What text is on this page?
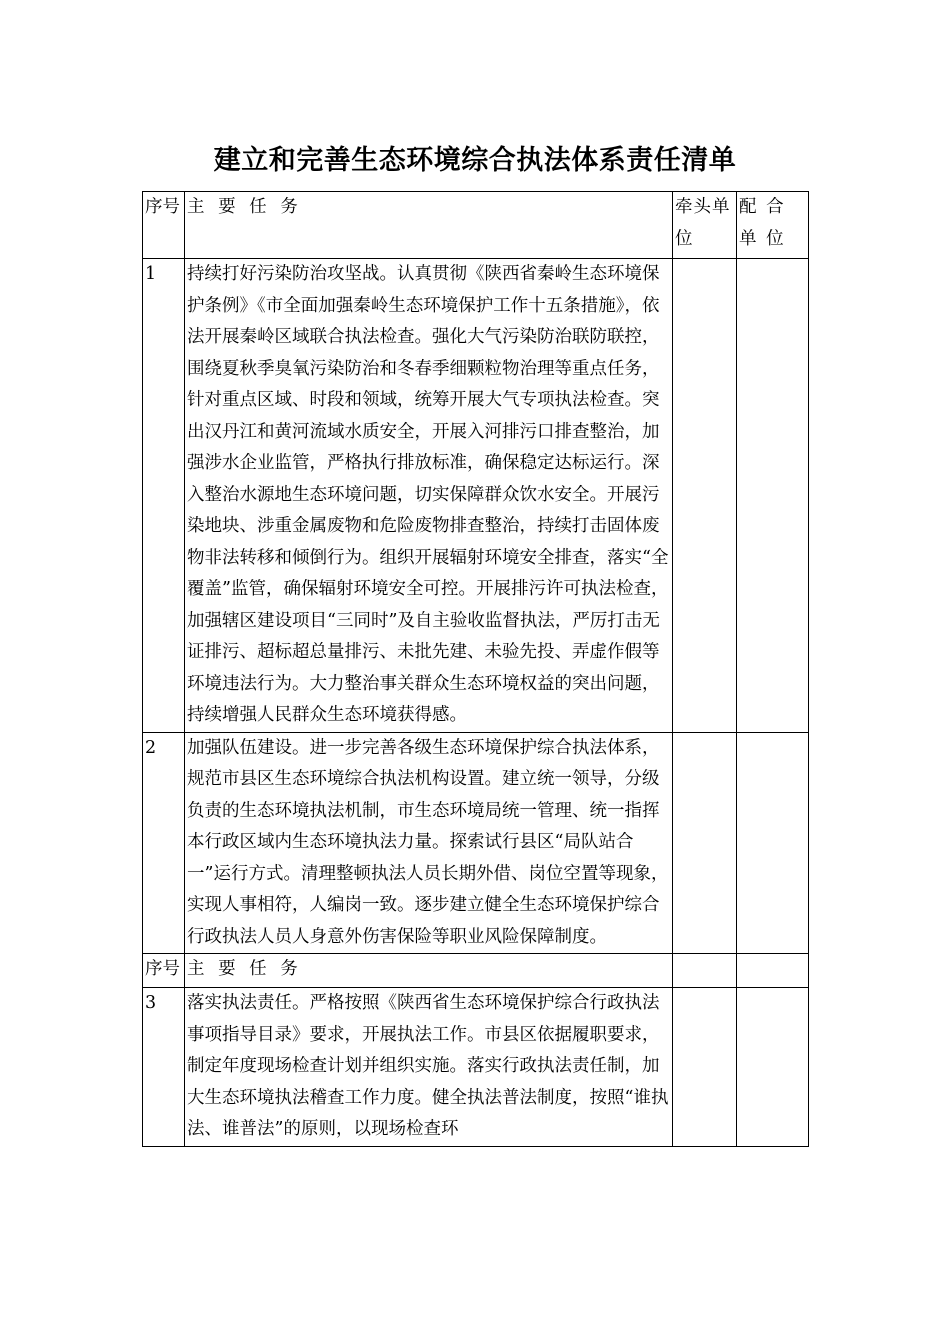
建立和完善生态环境综合执法体系责任清单
序号	主 要 任 务	牵头单位	配 合 单 位
1	持续打好污染防治攻坚战。认真贯彻《陕西省秦岭生态环境保护条例》《市全面加强秦岭生态环境保护工作十五条措施》，依法开展秦岭区域联合执法检查。强化大气污染防治联防联控，围绕夏秋季臭氧污染防治和冬春季细颗粒物治理等重点任务，针对重点区域、时段和领域，统筹开展大气专项执法检查。突出汉丹江和黄河流域水质安全，开展入河排污口排查整治，加强涉水企业监管，严格执行排放标准，确保稳定达标运行。深入整治水源地生态环境问题，切实保障群众饮水安全。开展污染地块、涉重金属废物和危险废物排查整治，持续打击固体废物非法转移和倾倒行为。组织开展辐射环境安全排查，落实“全覆盖”监管，确保辐射环境安全可控。开展排污许可执法检查，加强辖区建设项目“三同时”及自主验收监督执法，严厉打击无证排污、超标超总量排污、未批先建、未验先投、弄虚作假等环境违法行为。大力整治事关群众生态环境权益的突出问题，持续增强人民群众生态环境获得感。		
2	加强队伍建设。进一步完善各级生态环境保护综合执法体系，规范市县区生态环境综合执法机构设置。建立统一领导，分级负责的生态环境执法机制，市生态环境局统一管理、统一指挥本行政区域内生态环境执法力量。探索试行县区“局队站合一”运行方式。清理整顿执法人员长期外借、岗位空置等现象，实现人事相符，人编岗一致。逐步建立健全生态环境保护综合行政执法人员人身意外伤害保险等职业风险保障制度。		
序号	主 要 任 务		
3	落实执法责任。严格按照《陕西省生态环境保护综合行政执法事项指导目录》要求，开展执法工作。市县区依据履职要求，制定年度现场检查计划并组织实施。落实行政执法责任制，加大生态环境执法稽查工作力度。健全执法普法制度，按照“谁执法、谁普法”的原则，以现场检查环		
